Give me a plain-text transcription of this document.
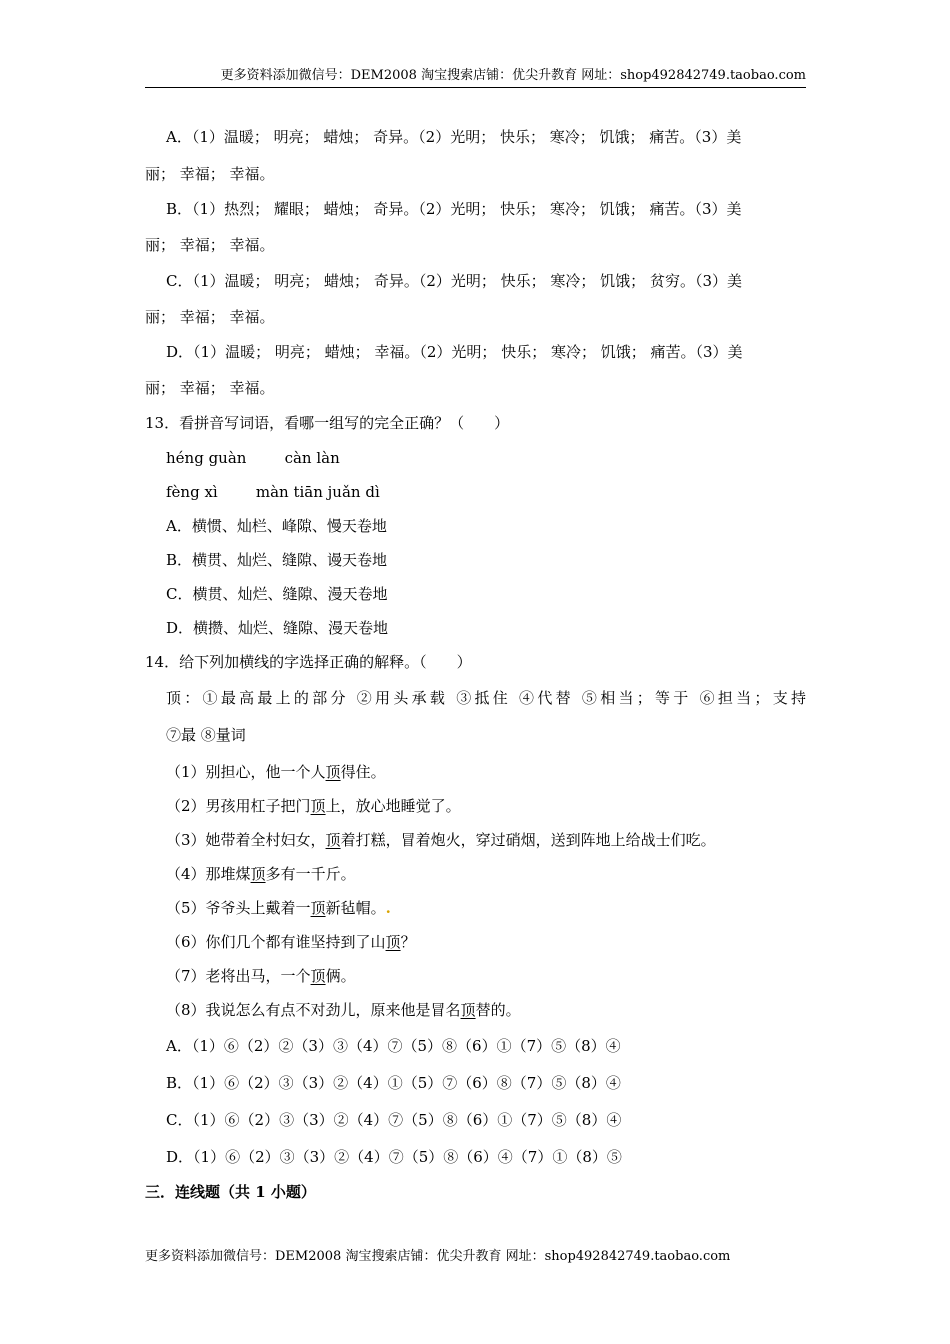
更多资料添加微信号：DEM2008 淘宝搜索店铺：优尖升教育 网址：shop492842749.taobao.com
A．（1）温暖； 明亮； 蜡烛； 奇异。（2）光明； 快乐； 寒冷； 饥饿； 痛苦。（3）美
丽； 幸福； 幸福。
B．（1）热烈； 耀眼； 蜡烛； 奇异。（2）光明； 快乐； 寒冷； 饥饿； 痛苦。（3）美
丽； 幸福； 幸福。
C．（1）温暖； 明亮； 蜡烛； 奇异。（2）光明； 快乐； 寒冷； 饥饿； 贫穷。（3）美
丽； 幸福； 幸福。
D．（1）温暖； 明亮； 蜡烛； 幸福。（2）光明； 快乐； 寒冷； 饥饿； 痛苦。（3）美
丽； 幸福； 幸福。
13．看拼音写词语，看哪一组写的完全正确？（　　）
héng guàn        càn làn
fèng xì        màn tiān juǎn dì
A．横惯、灿栏、峰隙、慢天卷地
B．横贯、灿烂、缝隙、谩天卷地
C．横贯、灿烂、缝隙、漫天卷地
D．横攒、灿烂、缝隙、漫天卷地
14．给下列加横线的字选择正确的解释。（　　）
顶：①最高最上的部分 ②用头承载 ③抵住 ④代替 ⑤相当；等于 ⑥担当；支持
⑦最 ⑧量词
（1）别担心，他一个人顶得住。
（2）男孩用杠子把门顶上，放心地睡觉了。
（3）她带着全村妇女，顶着打糕，冒着炮火，穿过硝烟，送到阵地上给战士们吃。
（4）那堆煤顶多有一千斤。
（5）爷爷头上戴着一顶新毡帽。.
（6）你们几个都有谁坚持到了山顶？
（7）老将出马，一个顶俩。
（8）我说怎么有点不对劲儿，原来他是冒名顶替的。
A．（1）⑥（2）②（3）③（4）⑦（5）⑧（6）①（7）⑤（8）④
B．（1）⑥（2）③（3）②（4）①（5）⑦（6）⑧（7）⑤（8）④
C．（1）⑥（2）③（3）②（4）⑦（5）⑧（6）①（7）⑤（8）④
D．（1）⑥（2）③（3）②（4）⑦（5）⑧（6）④（7）①（8）⑤
三．连线题（共 1 小题）
更多资料添加微信号：DEM2008 淘宝搜索店铺：优尖升教育 网址：shop492842749.taobao.com
